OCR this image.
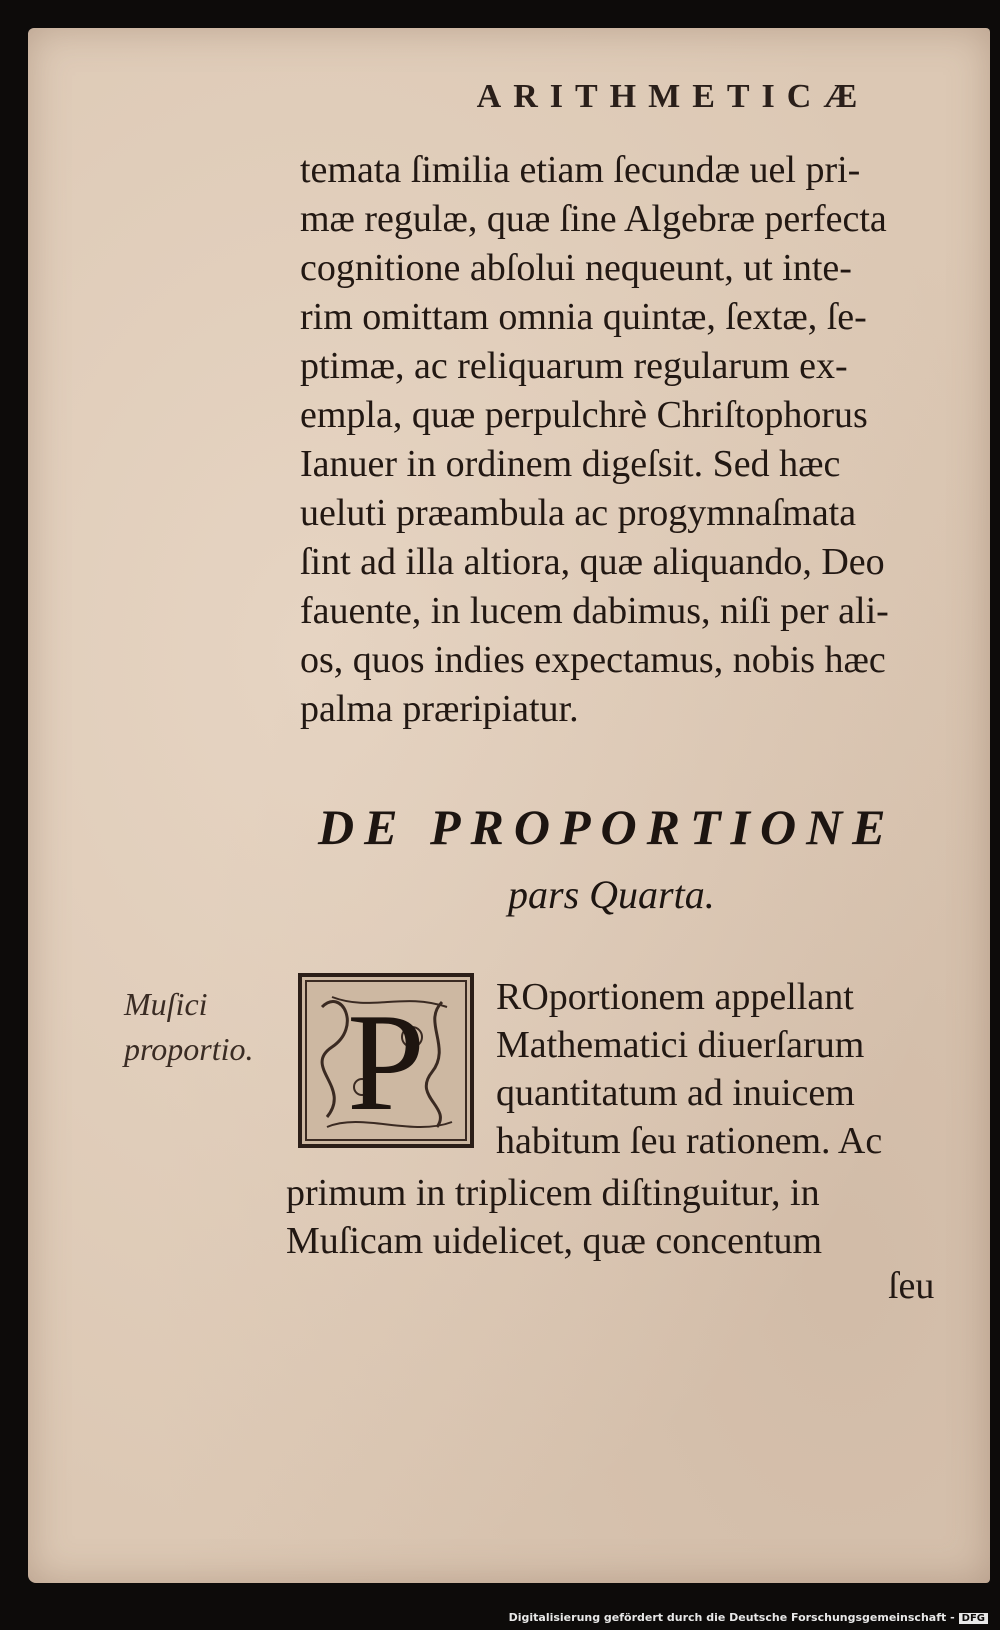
ARITHMETICÆ
temata ſimilia etiam ſecundæ uel pri-
mæ regulæ, quæ ſine Algebræ perfecta
cognitione abſolui nequeunt, ut inte-
rim omittam omnia quintæ, ſextæ, ſe-
ptimæ, ac reliquarum regularum ex-
empla, quæ perpulchrè Chriſtophorus
Ianuer in ordinem digeſsit. Sed hæc
ueluti præambula ac progymnaſmata
ſint ad illa altiora, quæ aliquando, Deo
fauente, in lucem dabimus, niſi per ali-
os, quos indies expectamus, nobis hæc
palma præripiatur.
DE PROPORTIONE
pars Quarta.
Muſici
proportio. P ROportionem appellant
Mathematici diuerſarum
quantitatum ad inuicem
habitum ſeu rationem. Ac
primum in triplicem diſtinguitur, in
Muſicam uidelicet, quæ concentum
ſeu
Digitalisierung gefördert durch die Deutsche Forschungsgemeinschaft - DFG
